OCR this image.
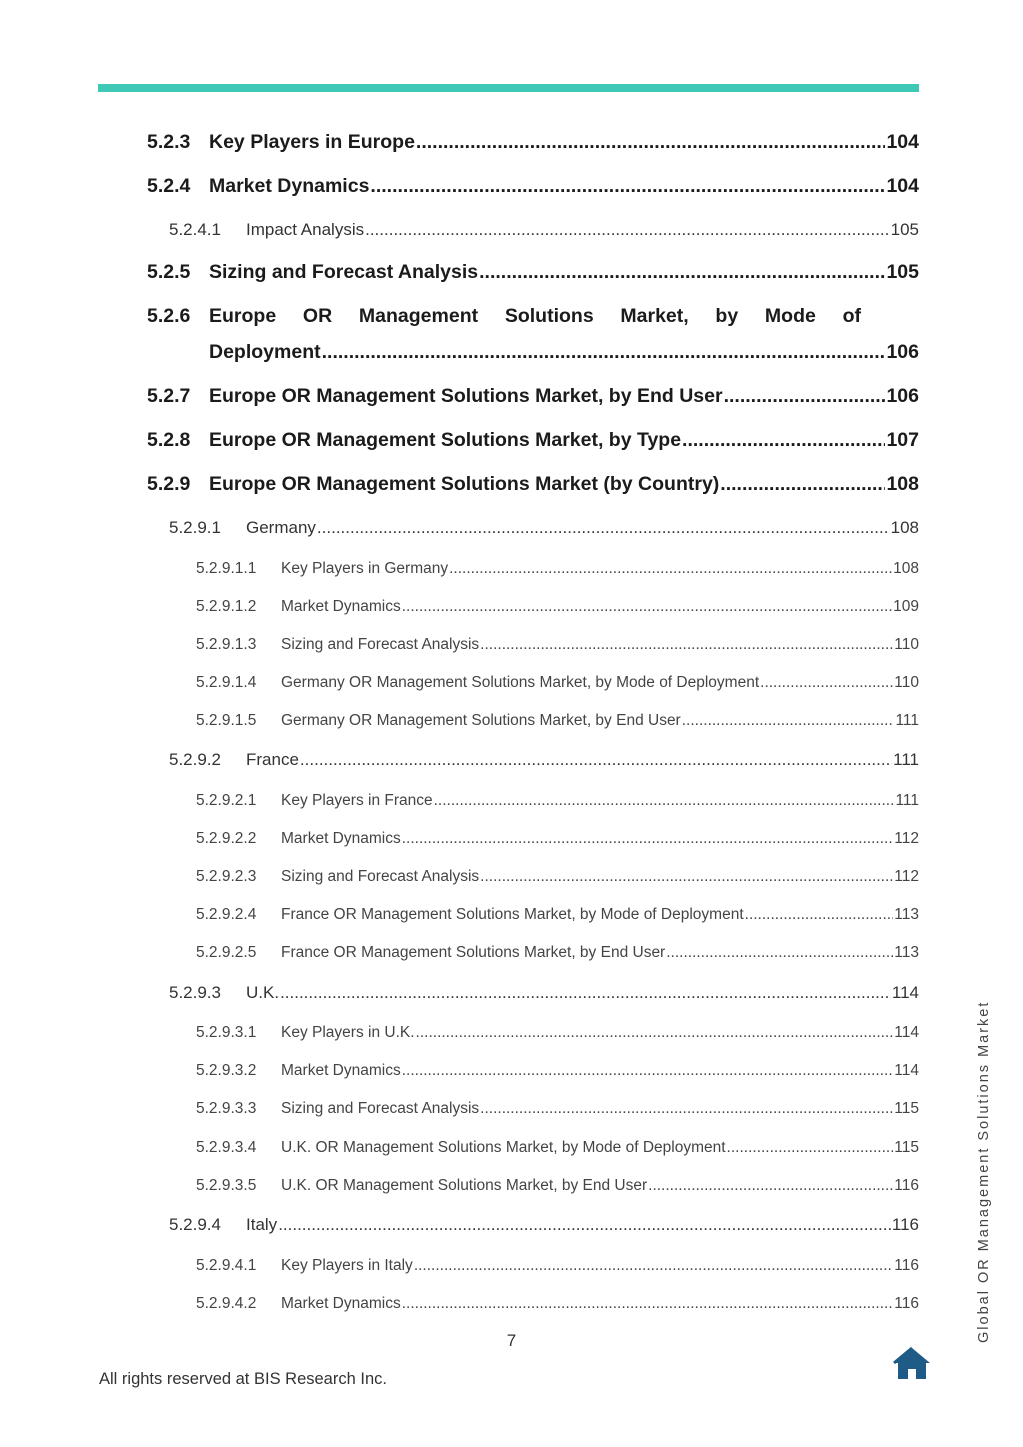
5.2.3 Key Players in Europe .....	104
5.2.4 Market Dynamics .....	104
5.2.4.1	Impact Analysis .....	105
5.2.5 Sizing and Forecast Analysis .....	105
5.2.6 Europe OR Management Solutions Market, by Mode of
Deployment .....	106
5.2.7 Europe OR Management Solutions Market, by End User .....	106
5.2.8 Europe OR Management Solutions Market, by Type .....	107
5.2.9 Europe OR Management Solutions Market (by Country) .....	108
5.2.9.1	Germany .....	108
5.2.9.1.1	Key Players in Germany .....	108
5.2.9.1.2	Market Dynamics .....	109
5.2.9.1.3	Sizing and Forecast Analysis .....	110
5.2.9.1.4	Germany OR Management Solutions Market, by Mode of Deployment .....	110
5.2.9.1.5	Germany OR Management Solutions Market, by End User .....	111
5.2.9.2	France .....	111
5.2.9.2.1	Key Players in France .....	111
5.2.9.2.2	Market Dynamics .....	112
5.2.9.2.3	Sizing and Forecast Analysis .....	112
5.2.9.2.4	France OR Management Solutions Market, by Mode of Deployment .....	113
5.2.9.2.5	France OR Management Solutions Market, by End User .....	113
5.2.9.3	U.K. .....	114
5.2.9.3.1	Key Players in U.K. .....	114
5.2.9.3.2	Market Dynamics .....	114
5.2.9.3.3	Sizing and Forecast Analysis .....	115
5.2.9.3.4	U.K. OR Management Solutions Market, by Mode of Deployment .....	115
5.2.9.3.5	U.K. OR Management Solutions Market, by End User .....	116
5.2.9.4	Italy .....	116
5.2.9.4.1	Key Players in Italy .....	116
5.2.9.4.2	Market Dynamics .....	116
7
All rights reserved at BIS Research Inc.
Global OR Management Solutions Market
